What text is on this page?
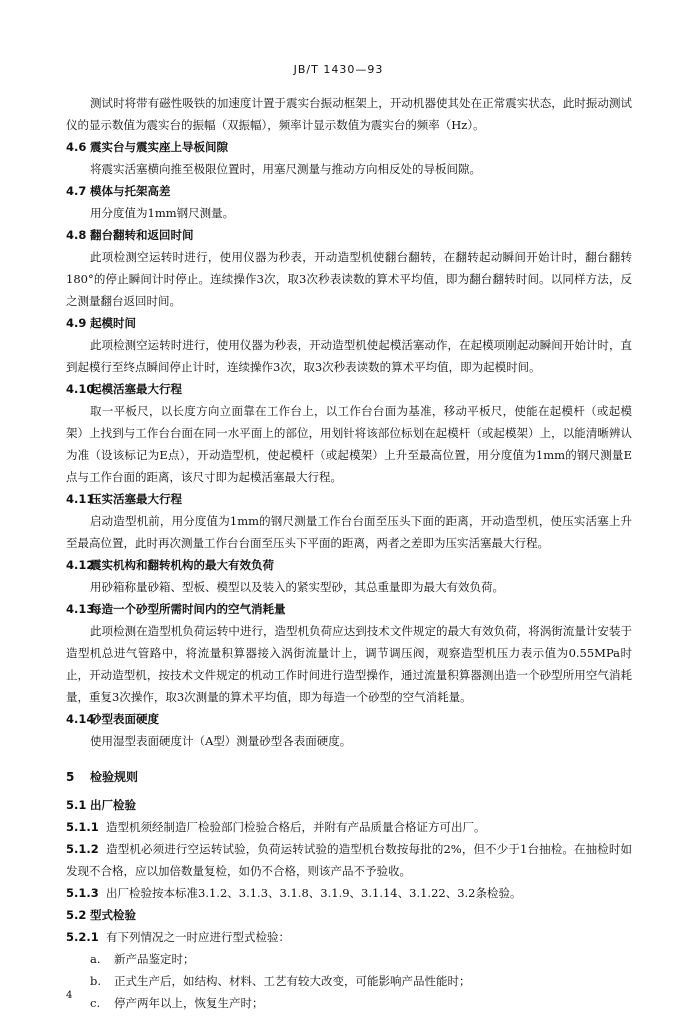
JB/T 1430—93

测试时将带有磁性吸铁的加速度计置于震实台振动框架上，开动机器使其处在正常震实状态，此时振动测试仪的显示数值为震实台的振幅（双振幅），频率计显示数值为震实台的频率（Hz）。

4.6 震实台与震实座上导板间隙

将震实活塞横向推至极限位置时，用塞尺测量与推动方向相反处的导板间隙。

4.7 模体与托架高差

用分度值为1mm钢尺测量。

4.8 翻台翻转和返回时间

此项检测空运转时进行，使用仪器为秒表，开动造型机使翻台翻转，在翻转起动瞬间开始计时，翻台翻转180°的停止瞬间计时停止。连续操作3次，取3次秒表读数的算术平均值，即为翻台翻转时间。以同样方法，反之测量翻台返回时间。

4.9 起模时间

此项检测空运转时进行，使用仪器为秒表，开动造型机使起模活塞动作，在起模项刚起动瞬间开始计时，直到起模行至终点瞬间停止计时，连续操作3次，取3次秒表读数的算术平均值，即为起模时间。

4.10起模活塞最大行程

取一平板尺，以长度方向立面靠在工作台上，以工作台台面为基准，移动平板尺，使能在起模杆（或起模架）上找到与工作台台面在同一水平面上的部位，用划针将该部位标划在起模杆（或起模架）上，以能清晰辨认为准（设该标记为E点），开动造型机，使起模杆（或起模架）上升至最高位置，用分度值为1mm的钢尺测量E点与工作台面的距离，该尺寸即为起模活塞最大行程。

4.11压实活塞最大行程

启动造型机前，用分度值为1mm的钢尺测量工作台台面至压头下面的距离，开动造型机，使压实活塞上升至最高位置，此时再次测量工作台台面至压头下平面的距离，两者之差即为压实活塞最大行程。

4.12震实机构和翻转机构的最大有效负荷

用砂箱称量砂箱、型板、模型以及装入的紧实型砂，其总重量即为最大有效负荷。

4.13每造一个砂型所需时间内的空气消耗量

此项检测在造型机负荷运转中进行，造型机负荷应达到技术文件规定的最大有效负荷，将涡街流量计安装于造型机总进气管路中，将流量积算器接入涡街流量计上，调节调压阀，观察造型机压力表示值为0.55MPa时止，开动造型机，按技术文件规定的机动工作时间进行造型操作，通过流量积算器测出造一个砂型所用空气消耗量，重复3次操作，取3次测量的算术平均值，即为每造一个砂型的空气消耗量。

4.14砂型表面硬度

使用湿型表面硬度计（A型）测量砂型各表面硬度。

5 检验规则

5.1 出厂检验

5.1.1 造型机须经制造厂检验部门检验合格后，并附有产品质量合格证方可出厂。

5.1.2 造型机必须进行空运转试验，负荷运转试验的造型机台数按每批的2%，但不少于1台抽检。在抽检时如发现不合格，应以加倍数量复检，如仍不合格，则该产品不予验收。

5.1.3 出厂检验按本标准3.1.2、3.1.3、3.1.8、3.1.9、3.1.14、3.1.22、3.2条检验。

5.2 型式检验

5.2.1 有下列情况之一时应进行型式检验：

a. 新产品鉴定时；

b. 正式生产后，如结构、材料、工艺有较大改变，可能影响产品性能时；

c. 停产两年以上，恢复生产时；

4
